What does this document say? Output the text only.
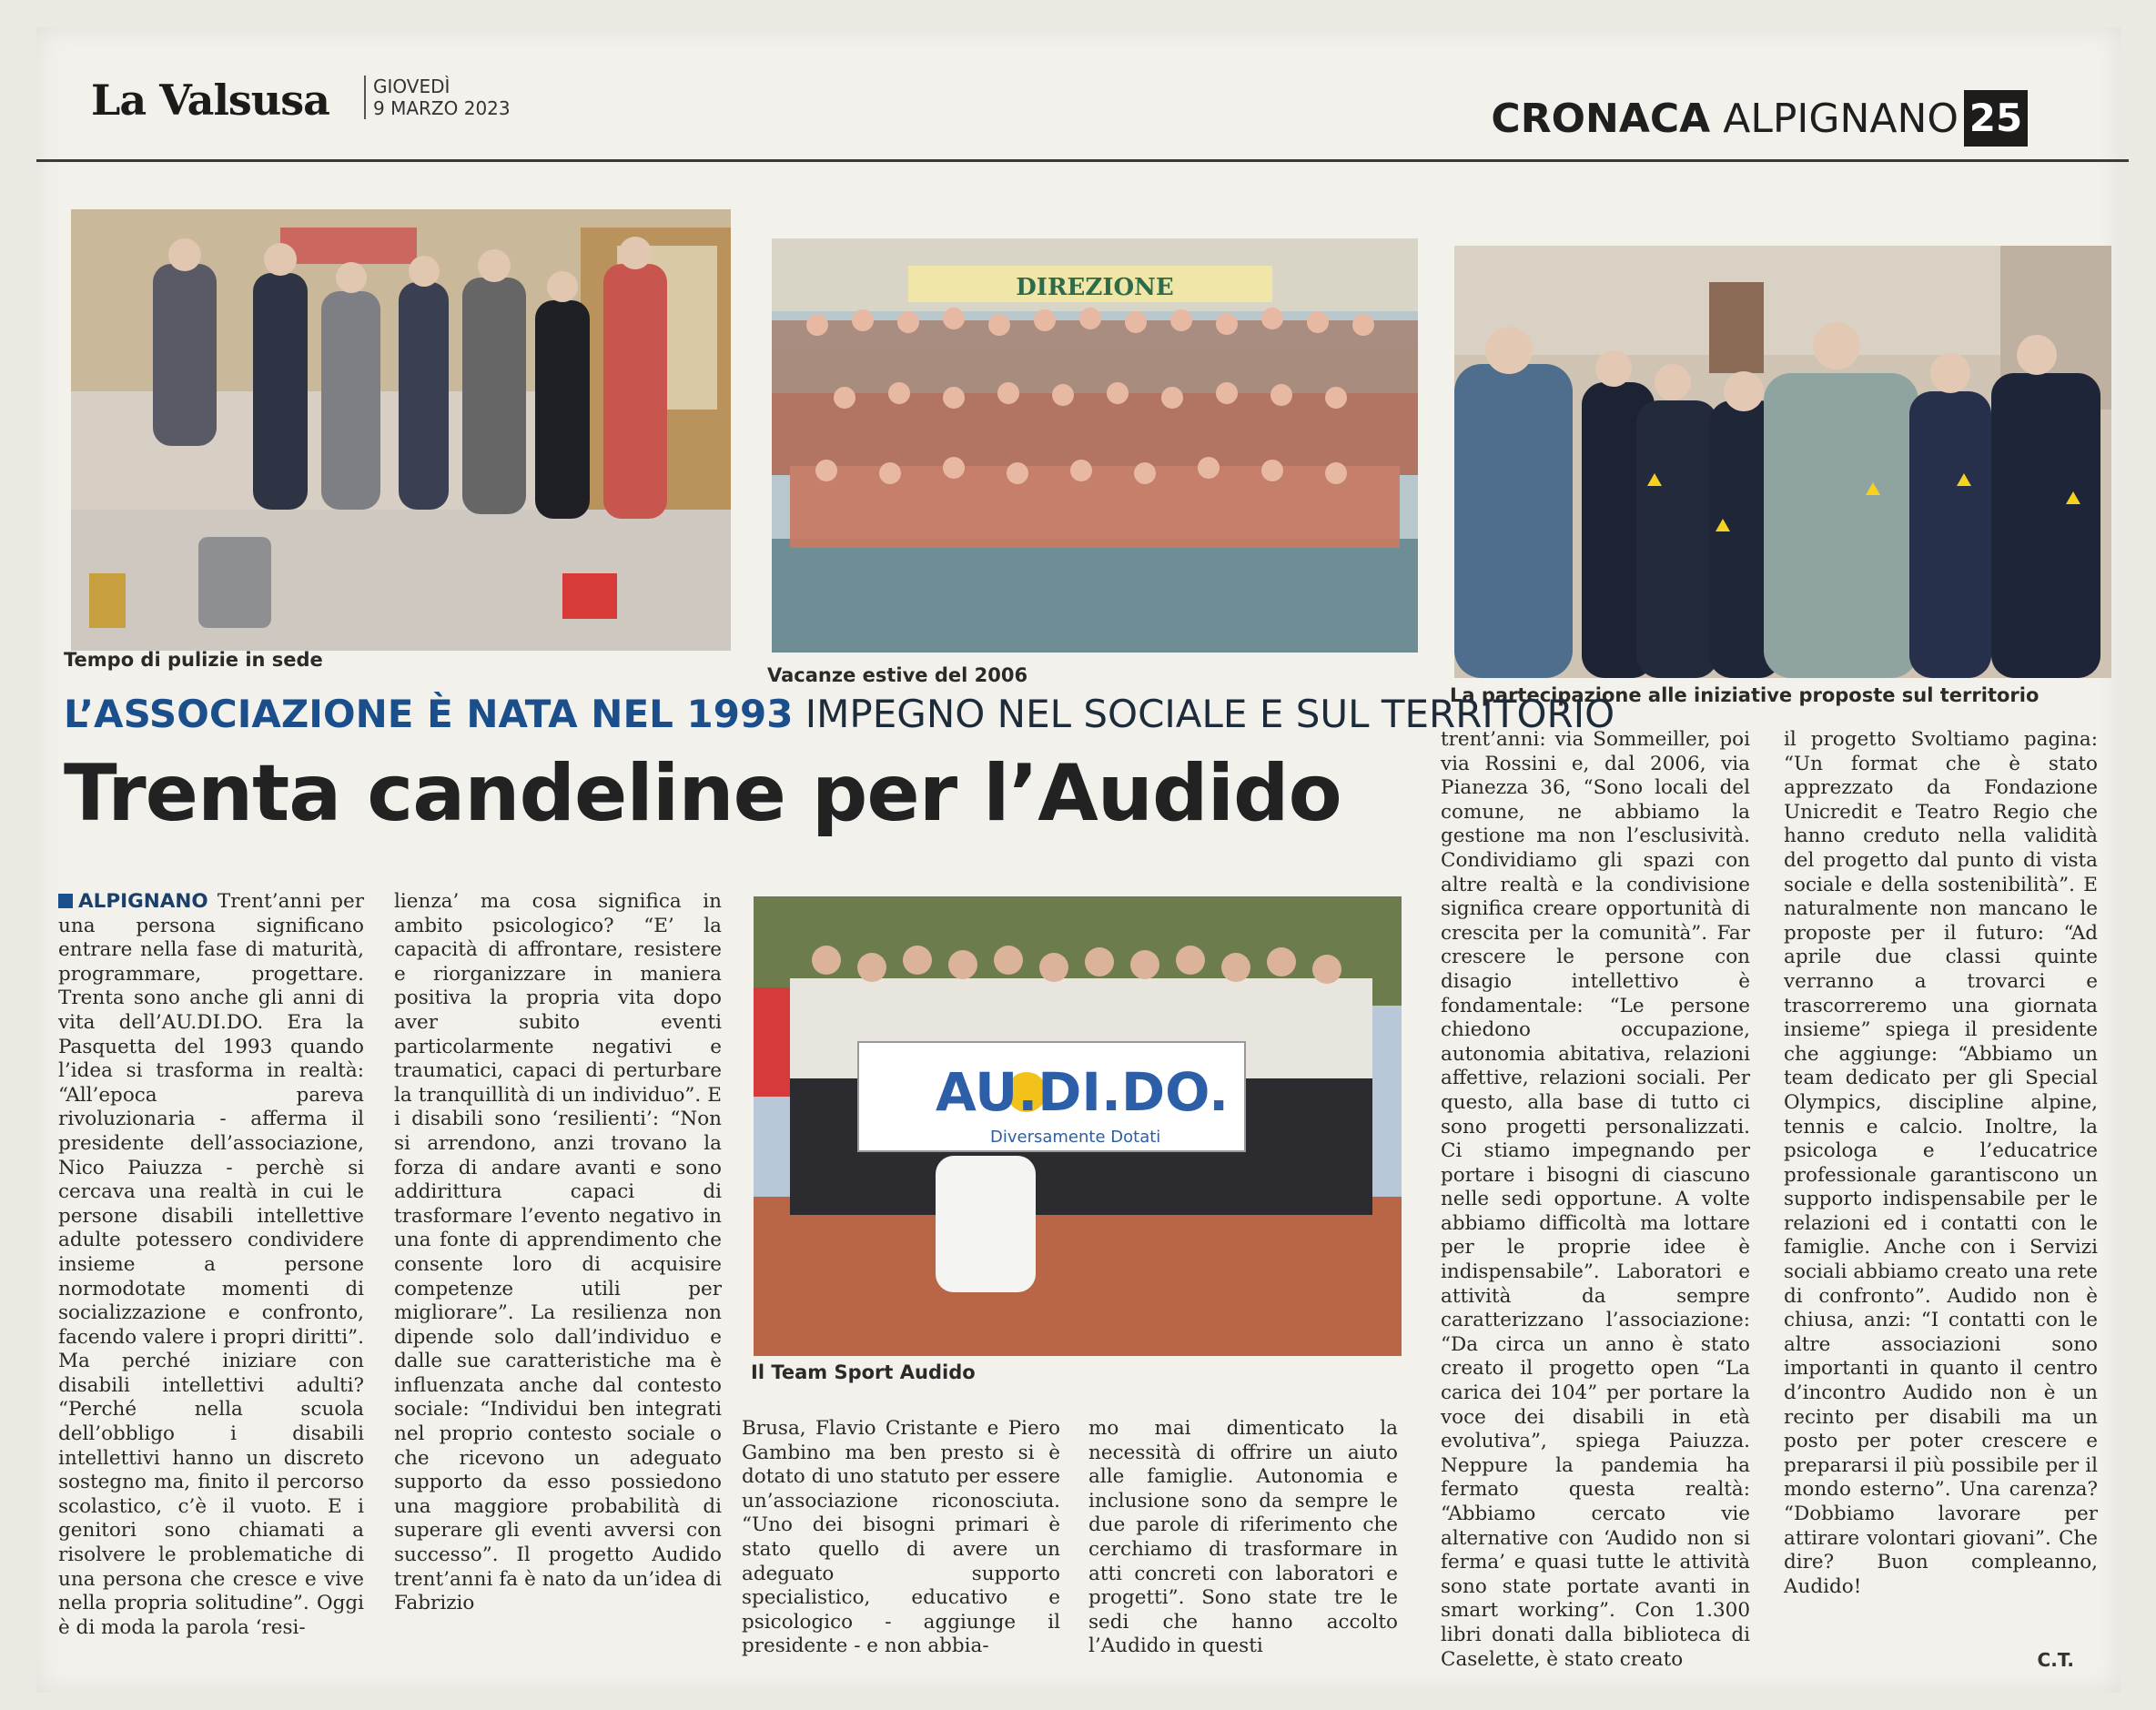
La Valsusa GIOVEDÌ
9 MARZO 2023	CRONACA ALPIGNANO 25
Tempo di pulizie in sede
DIREZIONE
Vacanze estive del 2006
La partecipazione alle iniziative proposte sul territorio
L’ASSOCIAZIONE È NATA NEL 1993 IMPEGNO NEL SOCIALE E SUL TERRITORIO
Trenta candeline per l’Audido
AU.DI.DO.
Diversamente Dotati
Il Team Sport Audido

ALPIGNANO Trent’anni per una persona significano entrare nella fase di maturità, programmare, progettare. Trenta sono anche gli anni di vita dell’AU.DI.DO. Era la Pasquetta del 1993 quando l’idea si trasforma in realtà: “All’epoca pareva rivoluzionaria - afferma il presidente dell’associazione, Nico Paiuzza - perchè si cercava una realtà in cui le persone disabili intellettive adulte potessero condividere insieme a persone normodotate momenti di socializzazione e confronto, facendo valere i propri diritti”. Ma perché iniziare con disabili intellettivi adulti? “Perché nella scuola dell’obbligo i disabili intellettivi hanno un discreto sostegno ma, finito il percorso scolastico, c’è il vuoto. E i genitori sono chiamati a risolvere le problematiche di una persona che cresce e vive nella propria solitudine”. Oggi è di moda la parola ‘resi-

lienza’ ma cosa significa in ambito psicologico? “E’ la capacità di affrontare, resistere e riorganizzare in maniera positiva la propria vita dopo aver subito eventi particolarmente negativi e traumatici, capaci di perturbare la tranquillità di un individuo”. E i disabili sono ‘resilienti’: “Non si arrendono, anzi trovano la forza di andare avanti e sono addirittura capaci di trasformare l’evento negativo in una fonte di apprendimento che consente loro di acquisire competenze utili per migliorare”. La resilienza non dipende solo dall’individuo e dalle sue caratteristiche ma è influenzata anche dal contesto sociale: “Individui ben integrati nel proprio contesto sociale o che ricevono un adeguato supporto da esso possiedono una maggiore probabilità di superare gli eventi avversi con successo”. Il progetto Audido trent’anni fa è nato da un’idea di Fabrizio

Brusa, Flavio Cristante e Piero Gambino ma ben presto si è dotato di uno statuto per essere un’associazione riconosciuta. “Uno dei bisogni primari è stato quello di avere un adeguato supporto specialistico, educativo e psicologico - aggiunge il presidente - e non abbia-

mo mai dimenticato la necessità di offrire un aiuto alle famiglie. Autonomia e inclusione sono da sempre le due parole di riferimento che cerchiamo di trasformare in atti concreti con laboratori e progetti”. Sono state tre le sedi che hanno accolto l’Audido in questi

trent’anni: via Sommeiller, poi via Rossini e, dal 2006, via Pianezza 36, “Sono locali del comune, ne abbiamo la gestione ma non l’esclusività. Condividiamo gli spazi con altre realtà e la condivisione significa creare opportunità di crescita per la comunità”. Far crescere le persone con disagio intellettivo è fondamentale: “Le persone chiedono occupazione, autonomia abitativa, relazioni affettive, relazioni sociali. Per questo, alla base di tutto ci sono progetti personalizzati. Ci stiamo impegnando per portare i bisogni di ciascuno nelle sedi opportune. A volte abbiamo difficoltà ma lottare per le proprie idee è indispensabile”. Laboratori e attività da sempre caratterizzano l’associazione: “Da circa un anno è stato creato il progetto open “La carica dei 104” per portare la voce dei disabili in età evolutiva”, spiega Paiuzza. Neppure la pandemia ha fermato questa realtà: “Abbiamo cercato vie alternative con ‘Audido non si ferma’ e quasi tutte le attività sono state portate avanti in smart working”. Con 1.300 libri donati dalla biblioteca di Caselette, è stato creato

il progetto Svoltiamo pagina: “Un format che è stato apprezzato da Fondazione Unicredit e Teatro Regio che hanno creduto nella validità del progetto dal punto di vista sociale e della sostenibilità”. E naturalmente non mancano le proposte per il futuro: “Ad aprile due classi quinte verranno a trovarci e trascorreremo una giornata insieme” spiega il presidente che aggiunge: “Abbiamo un team dedicato per gli Special Olympics, discipline alpine, tennis e calcio. Inoltre, la psicologa e l’educatrice professionale garantiscono un supporto indispensabile per le relazioni ed i contatti con le famiglie. Anche con i Servizi sociali abbiamo creato una rete di confronto”. Audido non è chiusa, anzi: “I contatti con le altre associazioni sono importanti in quanto il centro d’incontro Audido non è un recinto per disabili ma un posto per poter crescere e prepararsi il più possibile per il mondo esterno”. Una carenza? “Dobbiamo lavorare per attirare volontari giovani”. Che dire? Buon compleanno, Audido!

C.T.
